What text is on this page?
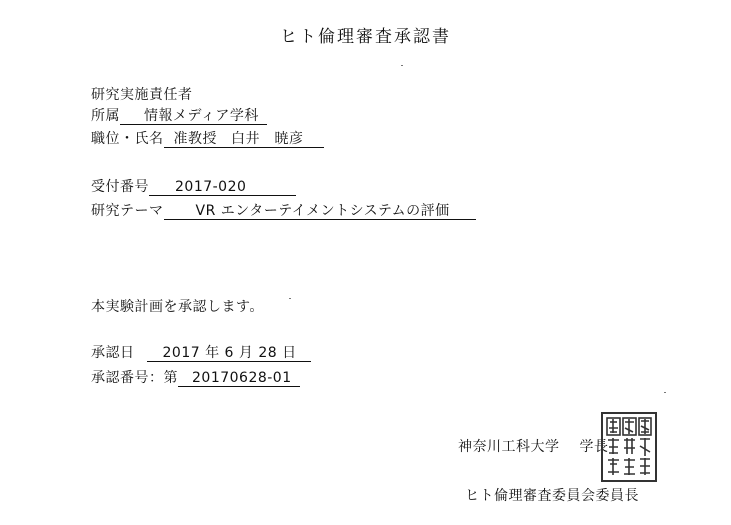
ヒト倫理審査承認書
研究実施責任者
所属 情報メディア学科
職位・氏名 准教授 白井　暁彦
受付番号 2017-020
研究テーマ VR エンターテイメントシステムの評価
本実験計画を承認します。
承認日 2017 年 6 月 28 日
承認番号：第 20170628-01
神奈川工科大学 学長
ヒト倫理審査委員会委員長
